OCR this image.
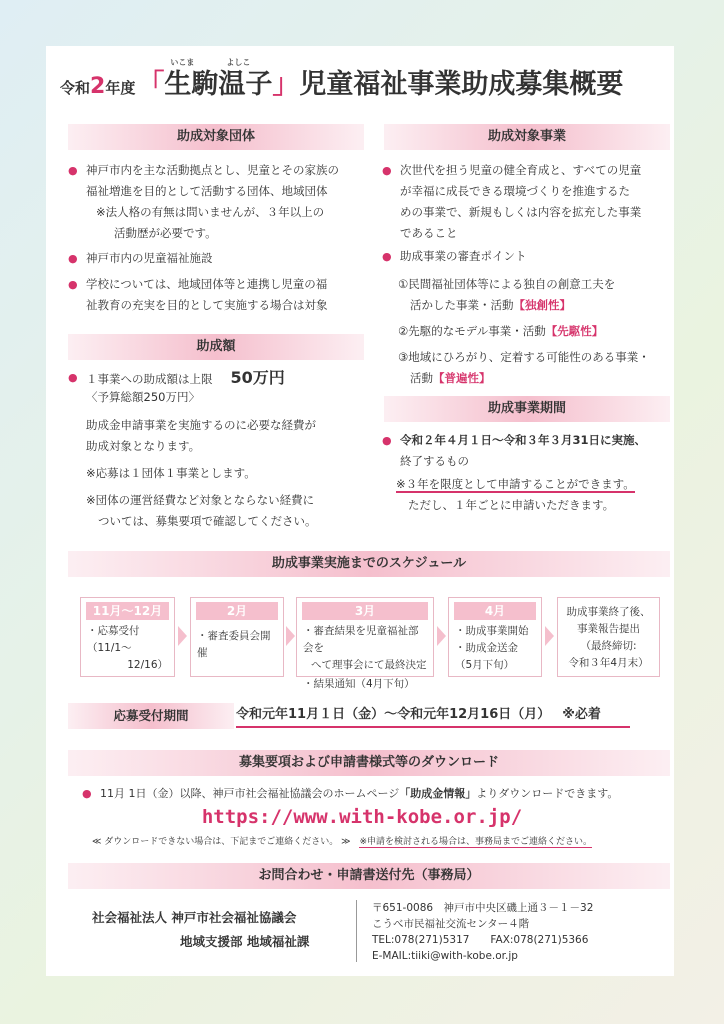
令和2年度「
いこま	よしこ
生駒温子」児童福祉事業助成募集概要
助成対象団体
● 神戸市内を主な活動拠点とし、児童とその家族の
福祉増進を目的として活動する団体、地域団体
※法人格の有無は問いませんが、３年以上の
活動歴が必要です。
● 神戸市内の児童福祉施設
● 学校については、地域団体等と連携し児童の福
祉教育の充実を目的として実施する場合は対象
助成額
● １事業への助成額は上限 50万円
〈予算総額250万円〉
助成金申請事業を実施するのに必要な経費が
助成対象となります。
※応募は１団体１事業とします。
※団体の運営経費など対象とならない経費に
ついては、募集要項で確認してください。
助成対象事業
● 次世代を担う児童の健全育成と、すべての児童
が幸福に成長できる環境づくりを推進するた
めの事業で、新規もしくは内容を拡充した事業
であること
● 助成事業の審査ポイント
①民間福祉団体等による独自の創意工夫を
活かした事業・活動【独創性】
②先駆的なモデル事業・活動【先駆性】
③地域にひろがり、定着する可能性のある事業・
活動【普遍性】
助成事業期間
● 令和２年４月１日～令和３年３月31日に実施、
終了するもの
※３年を限度として申請することができます。
ただし、１年ごとに申請いただきます。
助成事業実施までのスケジュール
11月～12月
・応募受付
（11/1～
12/16）
2月
・審査委員会開催
3月
・審査結果を児童福祉部会を
へて理事会にて最終決定
・結果通知（4月下旬）
4月
・助成事業開始
・助成金送金
（5月下旬）
助成事業終了後、
事業報告提出
（最終締切:
令和３年4月末）
応募受付期間	令和元年11月１日（金）～令和元年12月16日（月） ※必着
募集要項および申請書様式等のダウンロード
● 11月 1日（金）以降、神戸市社会福祉協議会のホームページ「助成金情報」よりダウンロードできます。
https://www.with-kobe.or.jp/
≪ ダウンロードできない場合は、下記までご連絡ください。 ≫ ※申請を検討される場合は、事務局までご連絡ください。
お問合わせ・申請書送付先（事務局）
社会福祉法人 神戸市社会福祉協議会
地域支援部 地域福祉課
〒651-0086　神戸市中央区磯上通３－１－32
こうべ市民福祉交流センター４階
TEL:078(271)5317　　FAX:078(271)5366
E-MAIL:tiiki@with-kobe.or.jp
